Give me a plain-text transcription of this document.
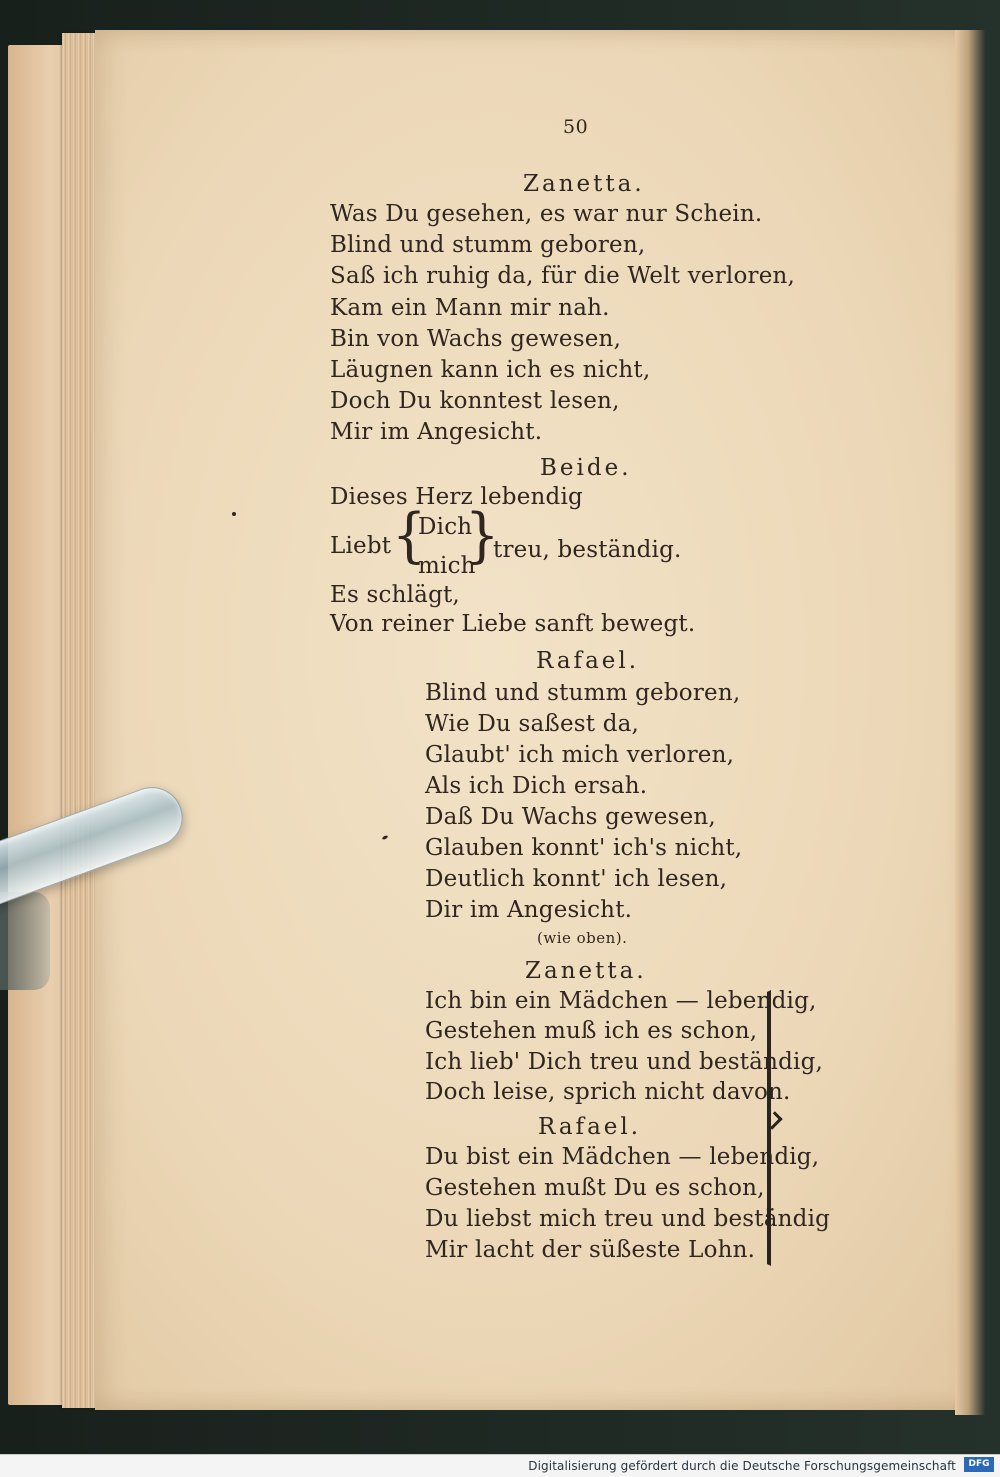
50
Zanetta.
Was Du gesehen, es war nur Schein.
Blind und stumm geboren,
Saß ich ruhig da, für die Welt verloren,
Kam ein Mann mir nah.
Bin von Wachs gewesen,
Läugnen kann ich es nicht,
Doch Du konntest lesen,
Mir im Angesicht.
Beide.
Dieses Herz lebendig
Liebt {
Dich
mich
}
treu, beständig.
Es schlägt,
Von reiner Liebe sanft bewegt.
Rafael.
Blind und stumm geboren,
Wie Du saßest da,
Glaubt' ich mich verloren,
Als ich Dich ersah.
Daß Du Wachs gewesen,
Glauben konnt' ich's nicht,
Deutlich konnt' ich lesen,
Dir im Angesicht.
(wie oben).
Zanetta.
Ich bin ein Mädchen — lebendig,
Gestehen muß ich es schon,
Ich lieb' Dich treu und beständig,
Doch leise, sprich nicht davon.
Rafael.
Du bist ein Mädchen — lebendig,
Gestehen mußt Du es schon,
Du liebst mich treu und beständig
Mir lacht der süßeste Lohn.
Digitalisierung gefördert durch die Deutsche Forschungsgemeinschaft	DFG
